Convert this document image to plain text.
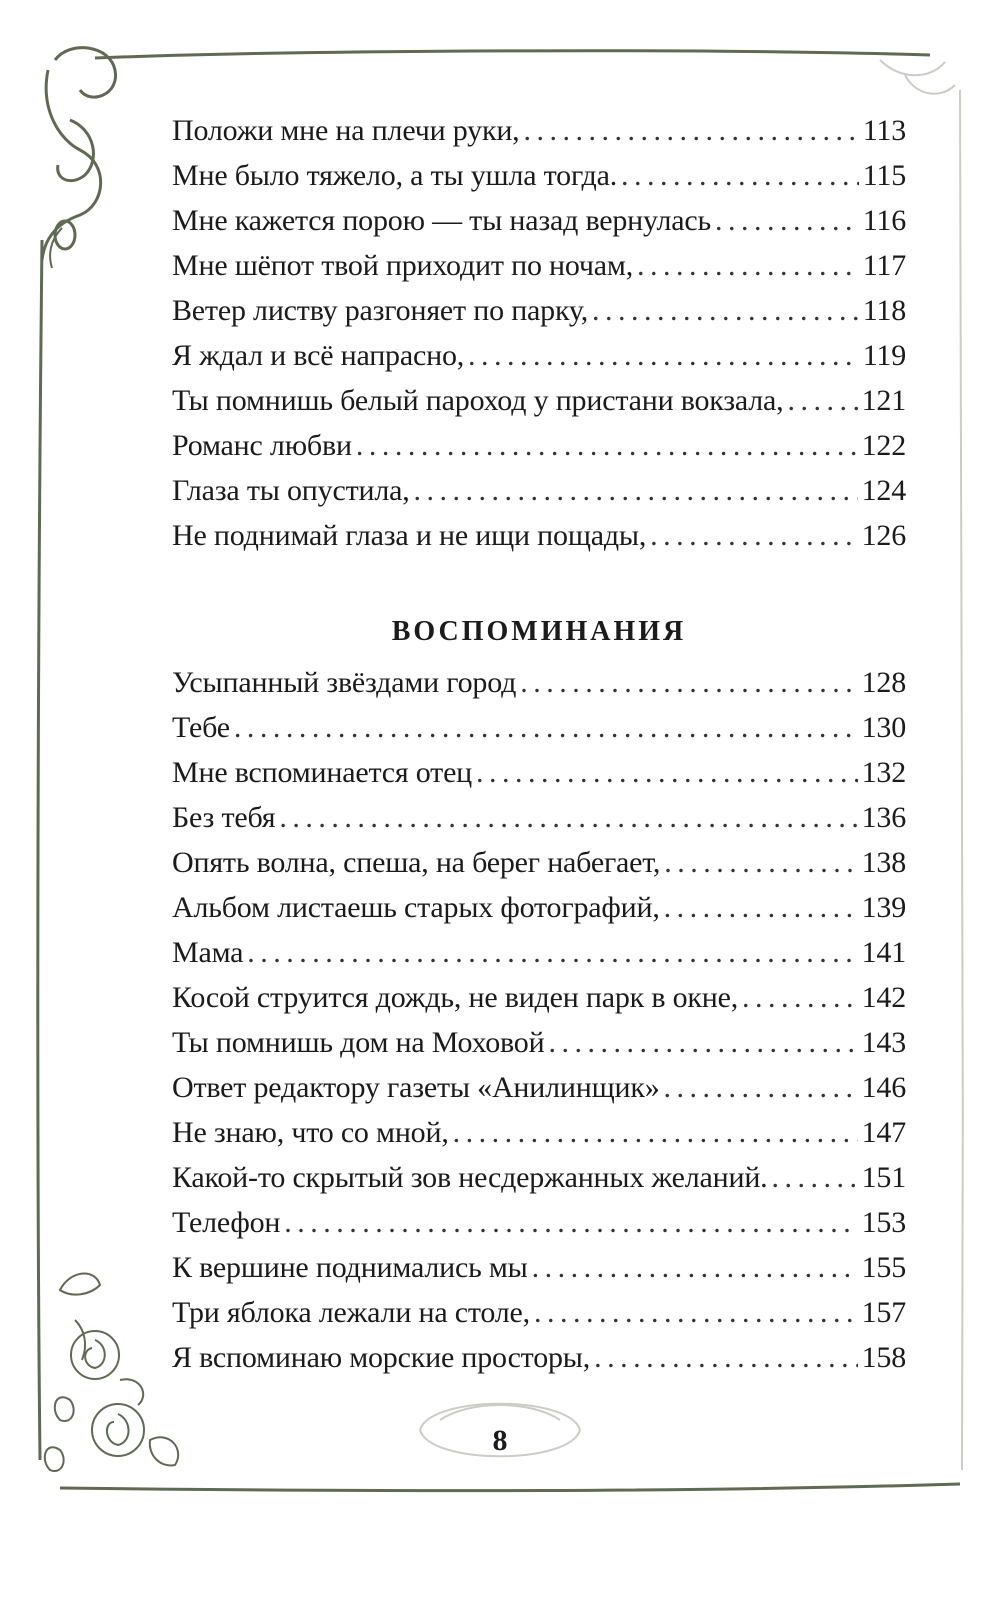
Положи мне на плечи руки, . . .	113
Мне было тяжело, а ты ушла тогда. . . .	115
Мне кажется порою — ты назад вернулась . . .	116
Мне шёпот твой приходит по ночам, . . .	117
Ветер листву разгоняет по парку, . . .	118
Я ждал и всё напрасно, . . .	119
Ты помнишь белый пароход у пристани вокзала, . . .	121
Романс любви . . .	122
Глаза ты опустила, . . .	124
Не поднимай глаза и не ищи пощады, . . .	126
ВОСПОМИНАНИЯ
Усыпанный звёздами город . . .	128
Тебе . . .	130
Мне вспоминается отец . . .	132
Без тебя . . .	136
Опять волна, спеша, на берег набегает, . . .	138
Альбом листаешь старых фотографий, . . .	139
Мама . . .	141
Косой струится дождь, не виден парк в окне, . . .	142
Ты помнишь дом на Моховой . . .	143
Ответ редактору газеты «Анилинщик» . . .	146
Не знаю, что со мной, . . .	147
Какой-то скрытый зов несдержанных желаний. . . .	151
Телефон . . .	153
К вершине поднимались мы . . .	155
Три яблока лежали на столе, . . .	157
Я вспоминаю морские просторы, . . .	158
8
